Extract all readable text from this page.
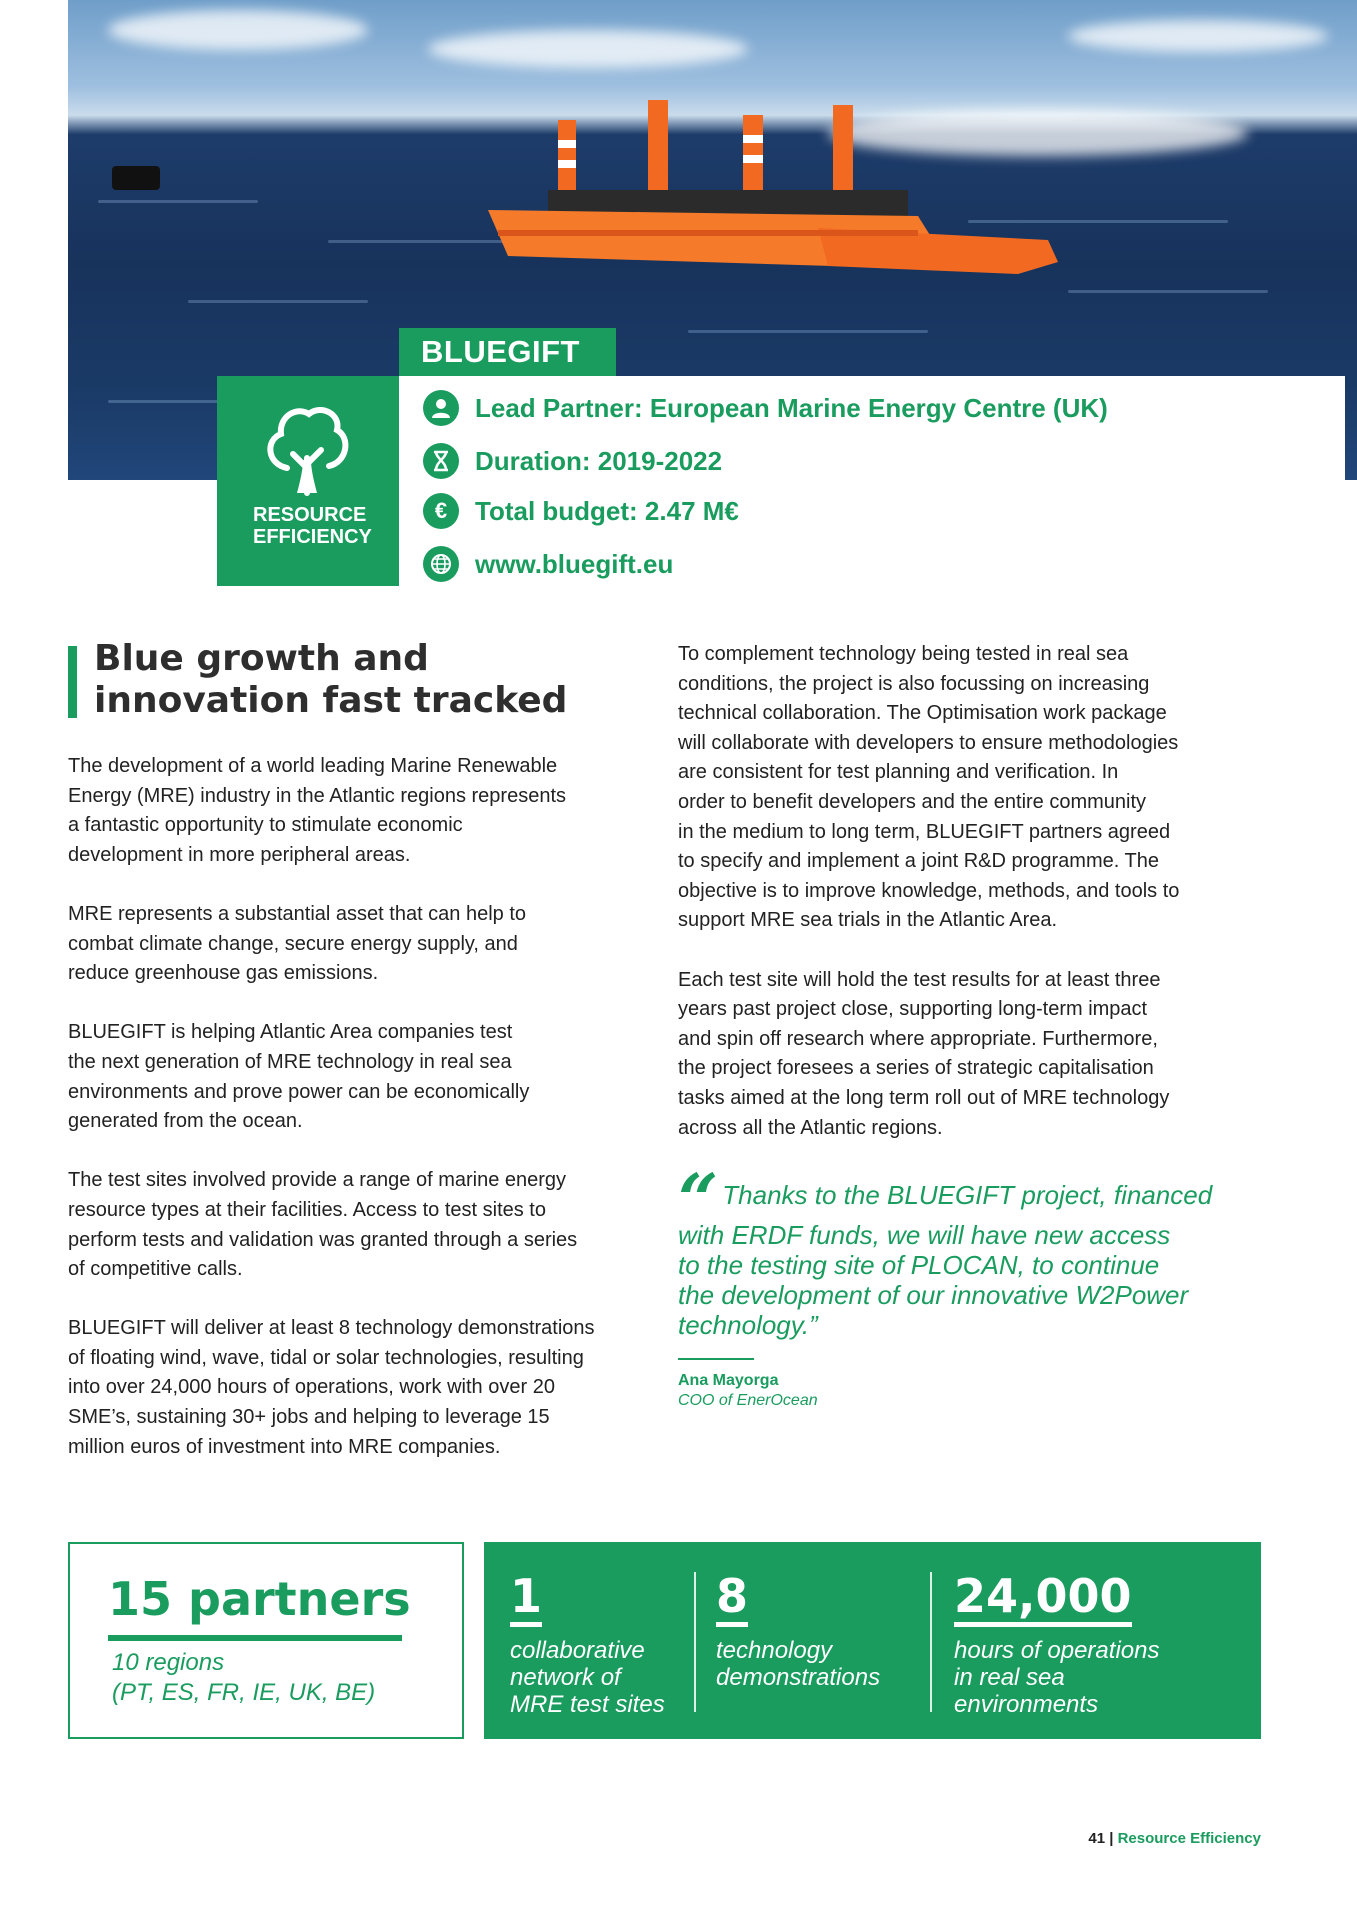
BLUEGIFT
RESOURCE
EFFICIENCY
Lead Partner: European Marine Energy Centre (UK)
Duration: 2019-2022
€	Total budget: 2.47 M€
www.bluegift.eu
Blue growth and innovation fast tracked

The development of a world leading Marine Renewable
Energy (MRE) industry in the Atlantic regions represents
a fantastic opportunity to stimulate economic
development in more peripheral areas.

MRE represents a substantial asset that can help to
combat climate change, secure energy supply, and
reduce greenhouse gas emissions.

BLUEGIFT is helping Atlantic Area companies test
the next generation of MRE technology in real sea
environments and prove power can be economically
generated from the ocean.

The test sites involved provide a range of marine energy
resource types at their facilities. Access to test sites to
perform tests and validation was granted through a series
of competitive calls.

BLUEGIFT will deliver at least 8 technology demonstrations
of floating wind, wave, tidal or solar technologies, resulting
into over 24,000 hours of operations, work with over 20
SME’s, sustaining 30+ jobs and helping to leverage 15
million euros of investment into MRE companies.

To complement technology being tested in real sea
conditions, the project is also focussing on increasing
technical collaboration. The Optimisation work package
will collaborate with developers to ensure methodologies
are consistent for test planning and verification. In
order to benefit developers and the entire community
in the medium to long term, BLUEGIFT partners agreed
to specify and implement a joint R&D programme. The
objective is to improve knowledge, methods, and tools to
support MRE sea trials in the Atlantic Area.

Each test site will hold the test results for at least three
years past project close, supporting long-term impact
and spin off research where appropriate. Furthermore,
the project foresees a series of strategic capitalisation
tasks aimed at the long term roll out of MRE technology
across all the Atlantic regions.

“ Thanks to the BLUEGIFT project, financed
with ERDF funds, we will have new access
to the testing site of PLOCAN, to continue
the development of our innovative W2Power
technology.”
Ana Mayorga
COO of EnerOcean
15 partners
10 regions
(PT, ES, FR, IE, UK, BE)
1
collaborative
network of
MRE test sites
8
technology
demonstrations
24,000
hours of operations
in real sea
environments
41 | Resource Efficiency
